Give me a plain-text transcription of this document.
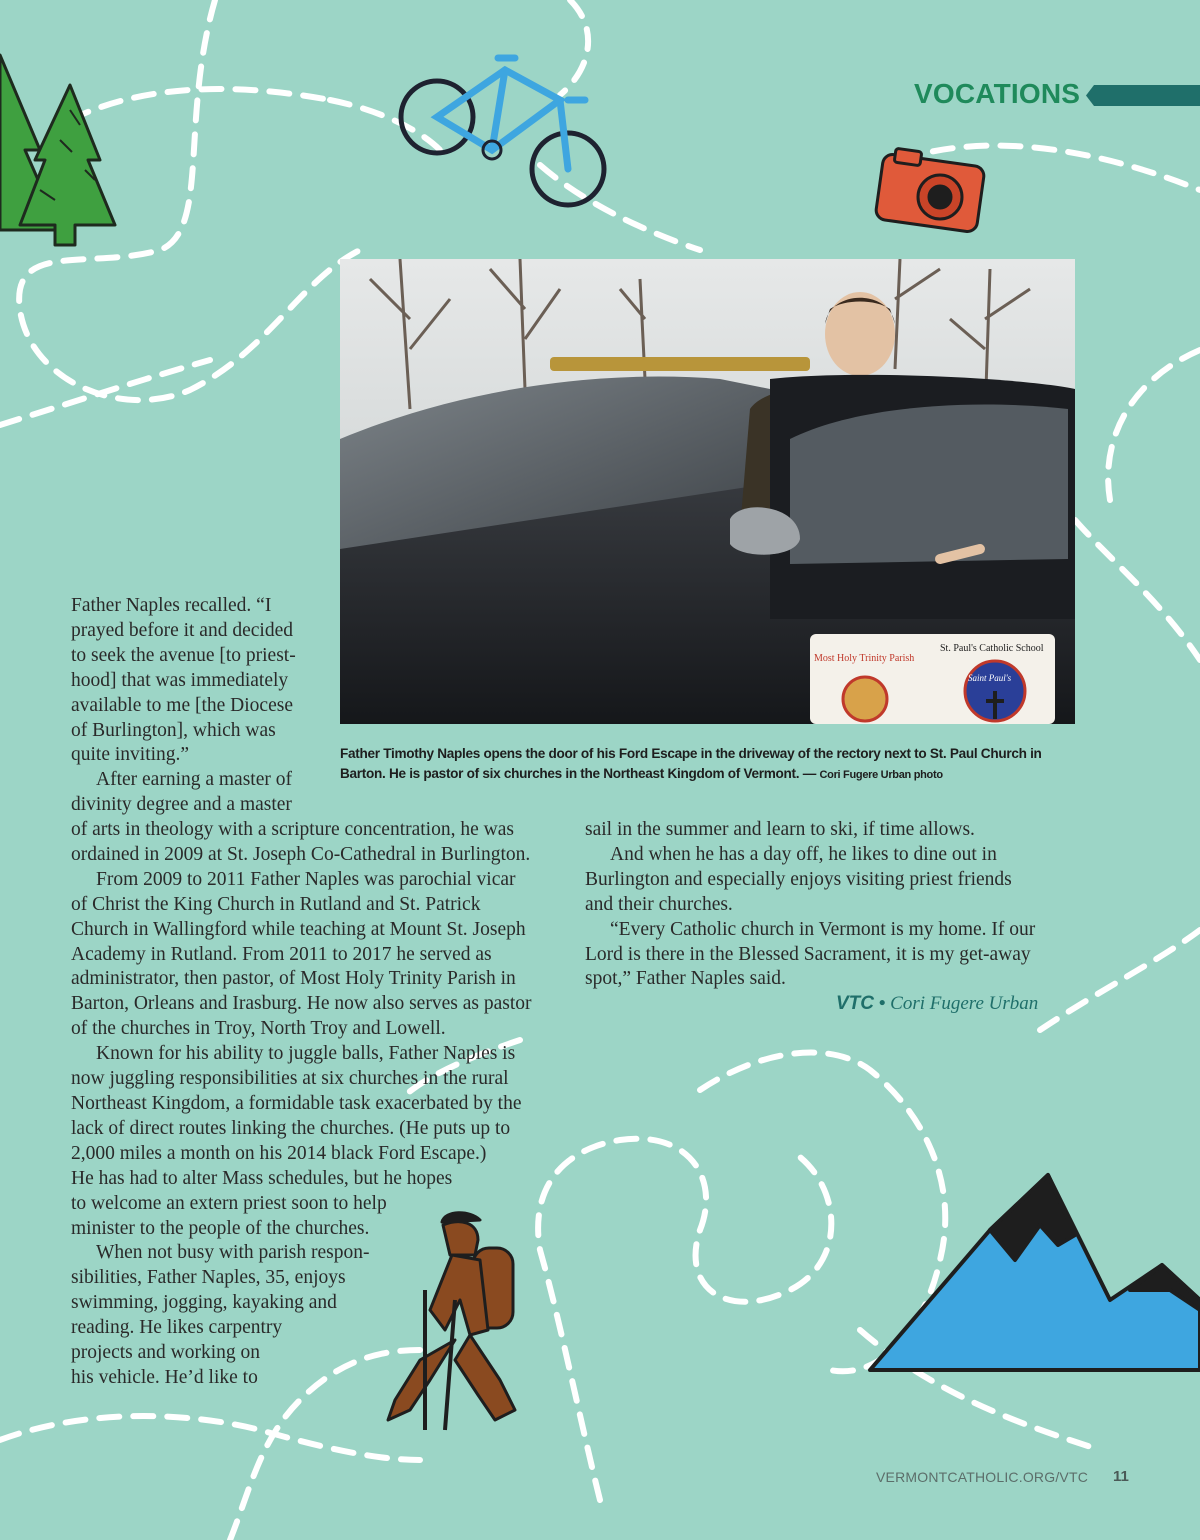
VOCATIONS
Most Holy Trinity Parish
St. Paul's Catholic School
Saint Paul's
Father Timothy Naples opens the door of his Ford Escape in the driveway of the rectory next to St. Paul Church in Barton. He is pastor of six churches in the Northeast Kingdom of Vermont. — Cori Fugere Urban photo

Father Naples recalled. “I
prayed before it and decided
to seek the avenue [to priest-
hood] that was immediately
available to me [the Diocese
of Burlington], which was
quite inviting.”
After earning a master of
divinity degree and a master

of arts in theology with a scripture concentration, he was
ordained in 2009 at St. Joseph Co-Cathedral in Burlington.
From 2009 to 2011 Father Naples was parochial vicar
of Christ the King Church in Rutland and St. Patrick
Church in Wallingford while teaching at Mount St. Joseph
Academy in Rutland. From 2011 to 2017 he served as
administrator, then pastor, of Most Holy Trinity Parish in
Barton, Orleans and Irasburg. He now also serves as pastor
of the churches in Troy, North Troy and Lowell.
Known for his ability to juggle balls, Father Naples is
now juggling responsibilities at six churches in the rural
Northeast Kingdom, a formidable task exacerbated by the
lack of direct routes linking the churches. (He puts up to
2,000 miles a month on his 2014 black Ford Escape.)
He has had to alter Mass schedules, but he hopes
to welcome an extern priest soon to help
minister to the people of the churches.
When not busy with parish respon-
sibilities, Father Naples, 35, enjoys
swimming, jogging, kayaking and
reading. He likes carpentry
projects and working on
his vehicle. He’d like to

sail in the summer and learn to ski, if time allows.
And when he has a day off, he likes to dine out in
Burlington and especially enjoys visiting priest friends
and their churches.
“Every Catholic church in Vermont is my home. If our
Lord is there in the Blessed Sacrament, it is my get-away
spot,” Father Naples said.

VTC • Cori Fugere Urban
VERMONTCATHOLIC.ORG/VTC 11
